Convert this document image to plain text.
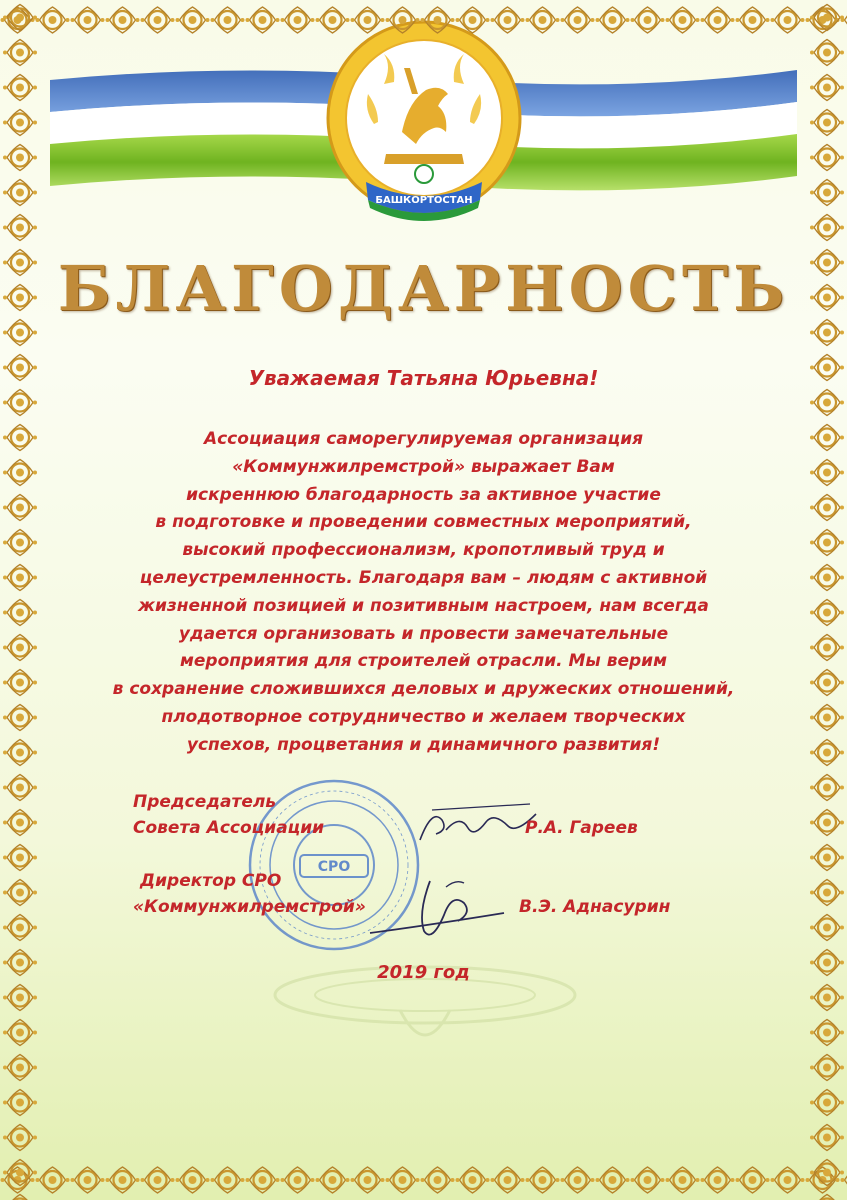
БАШКОРТОСТАН
БЛАГОДАРНОСТЬ
Уважаемая Татьяна Юрьевна!
Ассоциация саморегулируемая организация
«Коммунжилремстрой» выражает Вам
искреннюю благодарность за активное участие
в подготовке и проведении совместных мероприятий,
высокий профессионализм, кропотливый труд и
целеустремленность. Благодаря вам – людям с активной
жизненной позицией и позитивным настроем, нам всегда
удается организовать и провести замечательные
мероприятия для строителей отрасли. Мы верим
в сохранение сложившихся деловых и дружеских отношений,
плодотворное сотрудничество и желаем творческих
успехов, процветания и динамичного развития!
СРО
Председатель
Совета Ассоциации	Р.А. Гареев
Директор СРО
«Коммунжилремстрой»	В.Э. Аднасурин
2019 год
